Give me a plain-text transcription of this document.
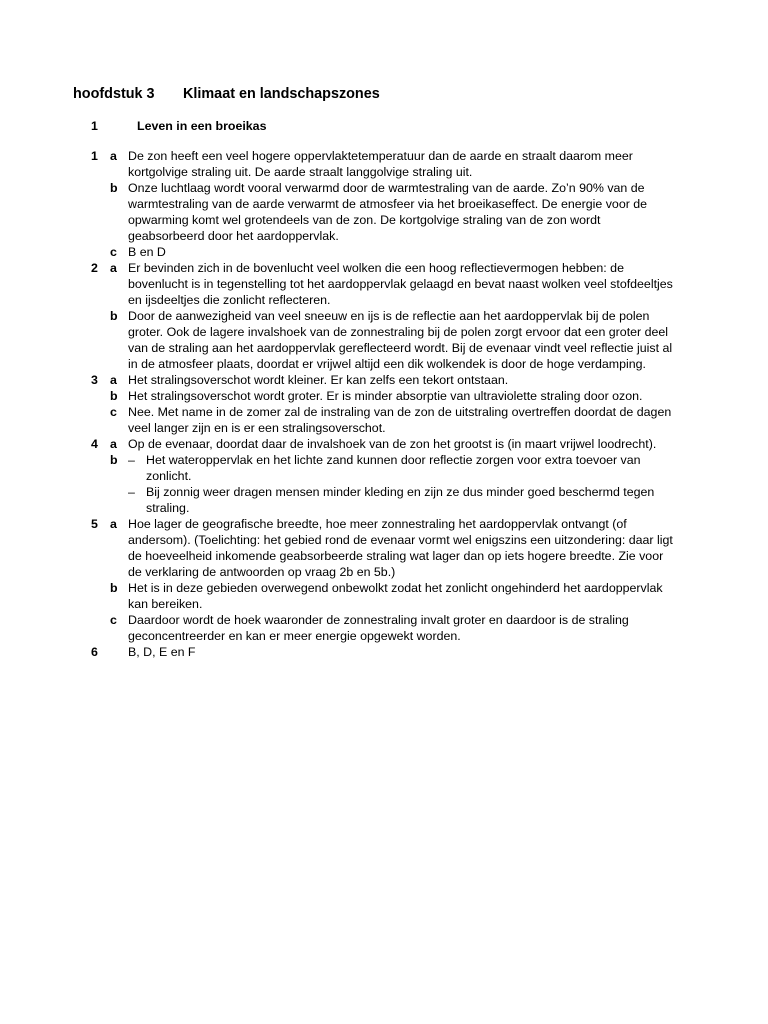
hoofdstuk 3 Klimaat en landschapszones
1	Leven in een broeikas
1 a De zon heeft een veel hogere oppervlaktetemperatuur dan de aarde en straalt daarom meer kortgolvige straling uit. De aarde straalt langgolvige straling uit.
b Onze luchtlaag wordt vooral verwarmd door de warmtestraling van de aarde. Zo’n 90% van de warmtestraling van de aarde verwarmt de atmosfeer via het broeikaseffect. De energie voor de opwarming komt wel grotendeels van de zon. De kortgolvige straling van de zon wordt geabsorbeerd door het aardoppervlak.
c B en D
2 a Er bevinden zich in de bovenlucht veel wolken die een hoog reflectievermogen hebben: de bovenlucht is in tegenstelling tot het aardoppervlak gelaagd en bevat naast wolken veel stofdeeltjes en ijsdeeltjes die zonlicht reflecteren.
b Door de aanwezigheid van veel sneeuw en ijs is de reflectie aan het aardoppervlak bij de polen groter. Ook de lagere invalshoek van de zonnestraling bij de polen zorgt ervoor dat een groter deel van de straling aan het aardoppervlak gereflecteerd wordt. Bij de evenaar vindt veel reflectie juist al in de atmosfeer plaats, doordat er vrijwel altijd een dik wolkendek is door de hoge verdamping.
3 a Het stralingsoverschot wordt kleiner. Er kan zelfs een tekort ontstaan.
b Het stralingsoverschot wordt groter. Er is minder absorptie van ultraviolette straling door ozon.
c Nee. Met name in de zomer zal de instraling van de zon de uitstraling overtreffen doordat de dagen veel langer zijn en is er een stralingsoverschot.
4 a Op de evenaar, doordat daar de invalshoek van de zon het grootst is (in maart vrijwel loodrecht).
b – Het wateroppervlak en het lichte zand kunnen door reflectie zorgen voor extra toevoer van zonlicht.
– Bij zonnig weer dragen mensen minder kleding en zijn ze dus minder goed beschermd tegen straling.
5 a Hoe lager de geografische breedte, hoe meer zonnestraling het aardoppervlak ontvangt (of andersom). (Toelichting: het gebied rond de evenaar vormt wel enigszins een uitzondering: daar ligt de hoeveelheid inkomende geabsorbeerde straling wat lager dan op iets hogere breedte. Zie voor de verklaring de antwoorden op vraag 2b en 5b.)
b Het is in deze gebieden overwegend onbewolkt zodat het zonlicht ongehinderd het aardoppervlak kan bereiken.
c Daardoor wordt de hoek waaronder de zonnestraling invalt groter en daardoor is de straling geconcentreerder en kan er meer energie opgewekt worden.
6 B, D, E en F
